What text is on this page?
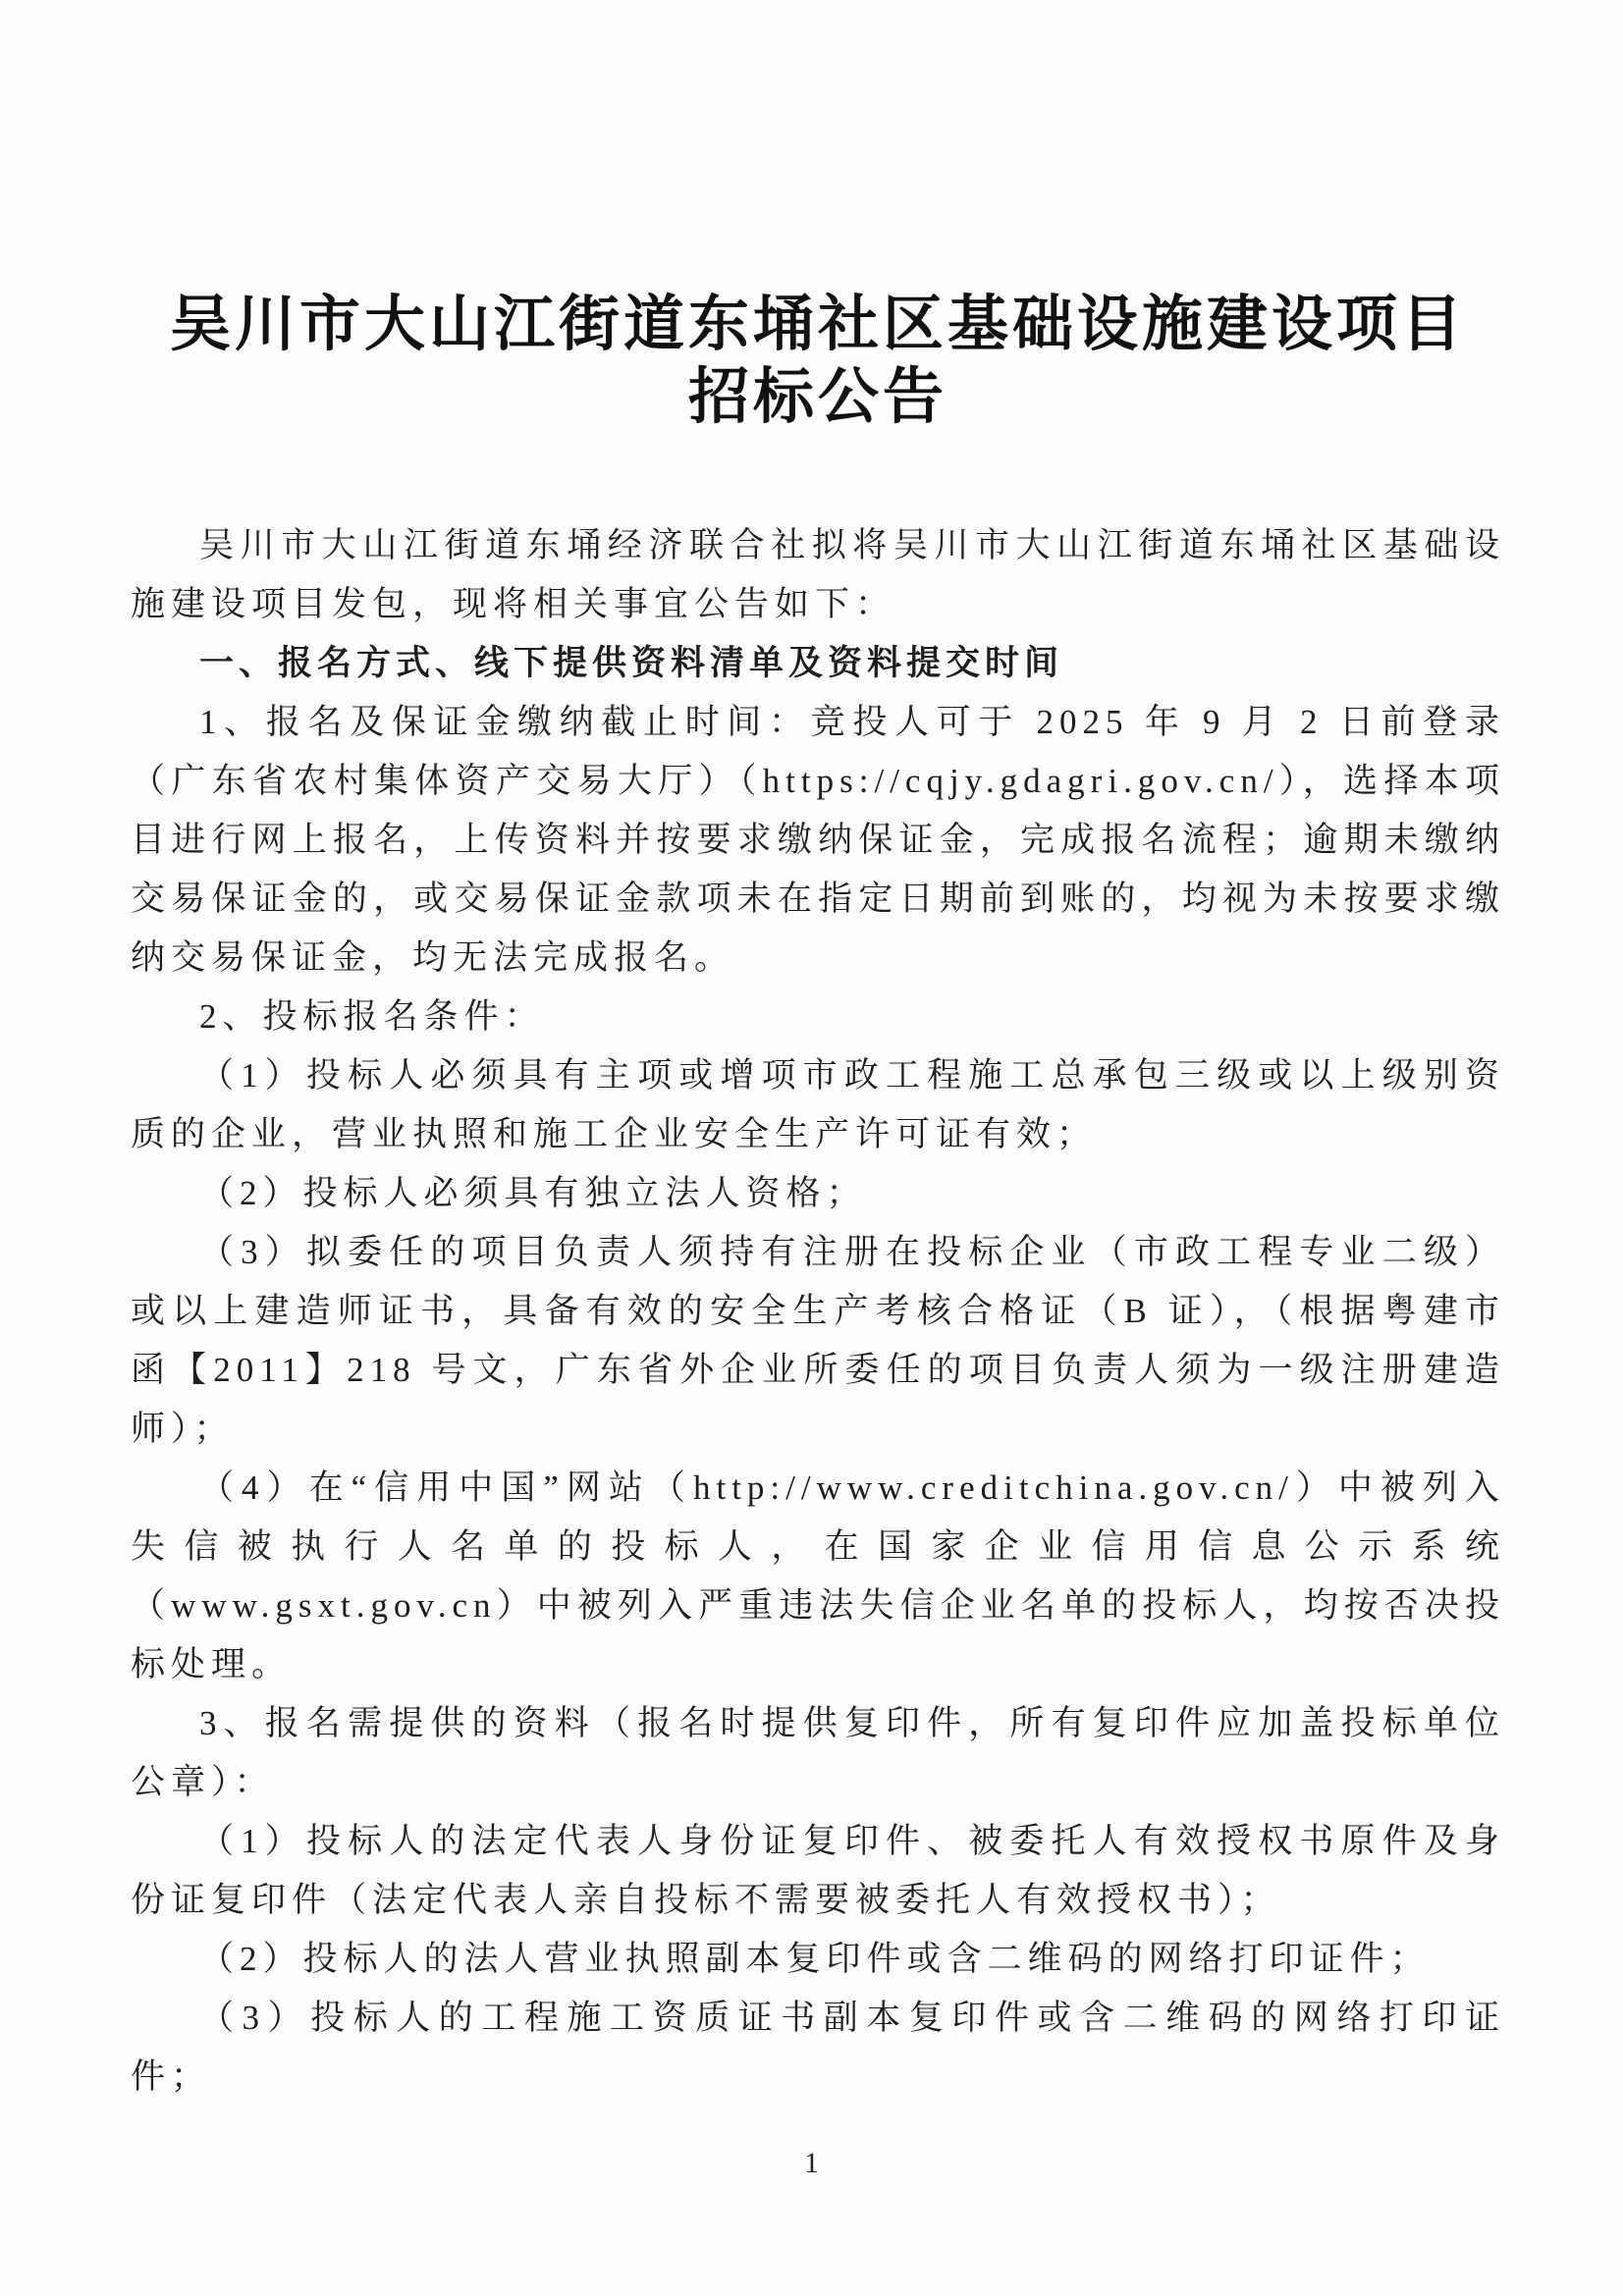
吴川市大山江街道东埇社区基础设施建设项目
招标公告

吴川市大山江街道东埇经济联合社拟将吴川市大山江街道东埇社区基础设施建设项目发包，现将相关事宜公告如下：

一、报名方式、线下提供资料清单及资料提交时间

1、报名及保证金缴纳截止时间：竞投人可于 2025 年 9 月 2 日前登录（广东省农村集体资产交易大厅）（https://cqjy.gdagri.gov.cn/），选择本项目进行网上报名，上传资料并按要求缴纳保证金，完成报名流程；逾期未缴纳交易保证金的，或交易保证金款项未在指定日期前到账的，均视为未按要求缴纳交易保证金，均无法完成报名。

2、投标报名条件：

（1）投标人必须具有主项或增项市政工程施工总承包三级或以上级别资质的企业，营业执照和施工企业安全生产许可证有效；

（2）投标人必须具有独立法人资格；

（3）拟委任的项目负责人须持有注册在投标企业（市政工程专业二级）或以上建造师证书，具备有效的安全生产考核合格证（B 证），（根据粤建市函【2011】218 号文，广东省外企业所委任的项目负责人须为一级注册建造师）；

（4）在“信用中国”网站（http://www.creditchina.gov.cn/）中被列入失信被执行人名单的投标人，在国家企业信用信息公示系统（www.gsxt.gov.cn）中被列入严重违法失信企业名单的投标人，均按否决投标处理。

3、报名需提供的资料（报名时提供复印件，所有复印件应加盖投标单位公章）：

（1）投标人的法定代表人身份证复印件、被委托人有效授权书原件及身份证复印件（法定代表人亲自投标不需要被委托人有效授权书）；

（2）投标人的法人营业执照副本复印件或含二维码的网络打印证件；

（3）投标人的工程施工资质证书副本复印件或含二维码的网络打印证件；

1
